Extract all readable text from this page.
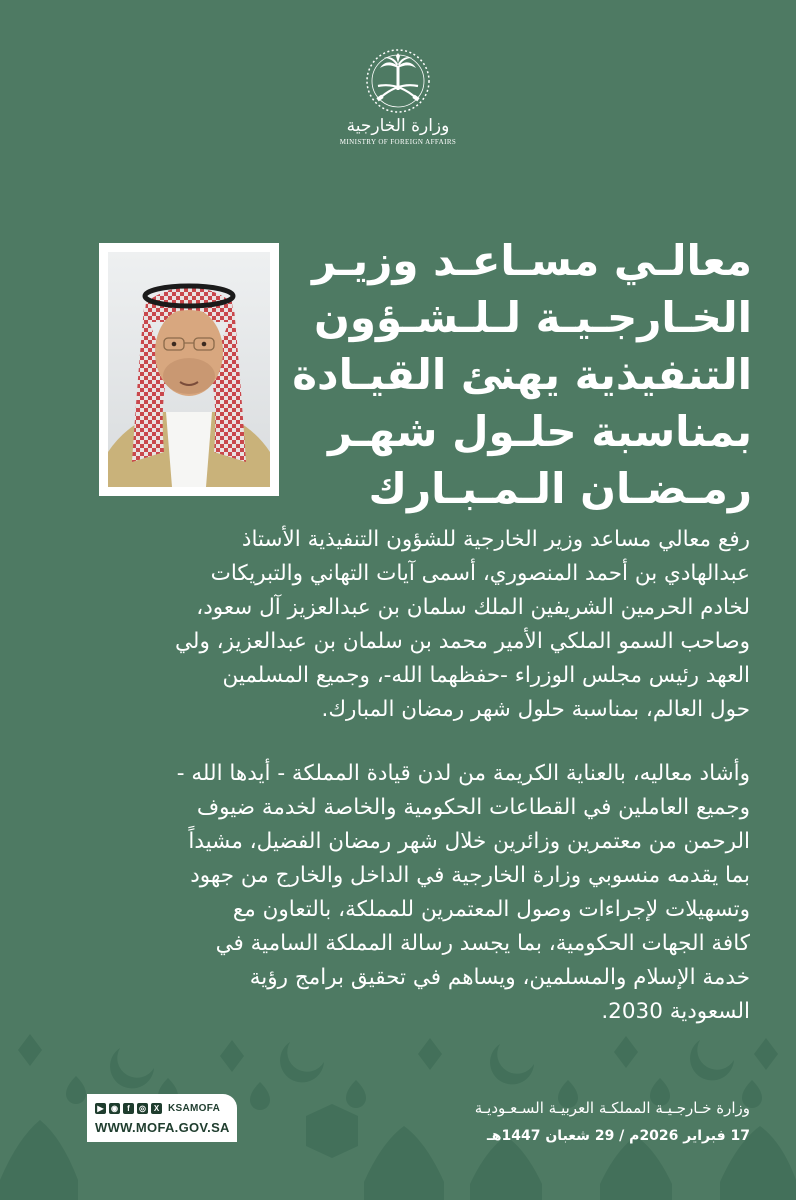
وزارة الخارجية
MINISTRY OF FOREIGN AFFAIRS
معالـي مسـاعـد وزيـر
الخـارجـيـة لـلـشـؤون
التنفيذية يهنئ القيـادة
بمناسبة حلـول شهـر
رمـضـان الـمـبـارك

رفع معالي مساعد وزير الخارجية للشؤون التنفيذية الأستاذ
عبدالهادي بن أحمد المنصوري، أسمى آيات التهاني والتبريكات
لخادم الحرمين الشريفين الملك سلمان بن عبدالعزيز آل سعود،
وصاحب السمو الملكي الأمير محمد بن سلمان بن عبدالعزيز، ولي
العهد رئيس مجلس الوزراء -حفظهما الله-، وجميع المسلمين
حول العالم، بمناسبة حلول شهر رمضان المبارك.

وأشاد معاليه، بالعناية الكريمة من لدن قيادة المملكة - أيدها الله -
وجميع العاملين في القطاعات الحكومية والخاصة لخدمة ضيوف
الرحمن من معتمرين وزائرين خلال شهر رمضان الفضيل، مشيداً
بما يقدمه منسوبي وزارة الخارجية في الداخل والخارج من جهود
وتسهيلات لإجراءات وصول المعتمرين للمملكة، بالتعاون مع
كافة الجهات الحكومية، بما يجسد رسالة المملكة السامية في
خدمة الإسلام والمسلمين، ويساهم في تحقيق برامج رؤية
السعودية 2030.

▶ ◉	f	◎ X KSAMOFA
WWW.MOFA.GOV.SA
وزارة خـارجـيـة المملكـة العربيـة السـعـوديـة
17 فبراير 2026م / 29 شعبان 1447هـ
